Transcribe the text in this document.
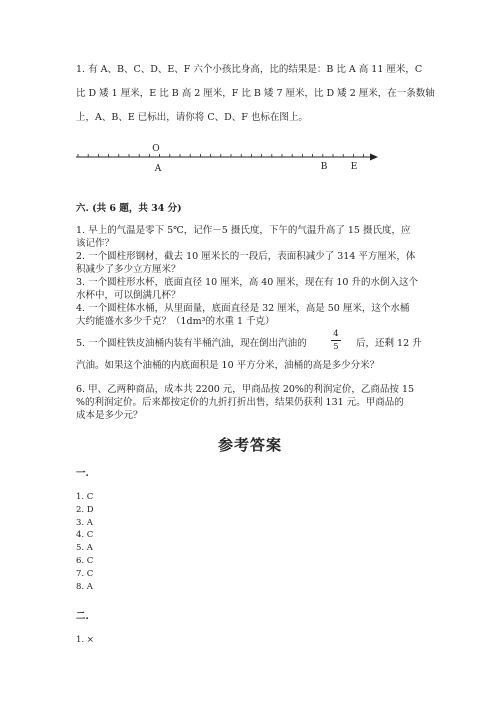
1. 有 A、B、C、D、E、F 六个小孩比身高，比的结果是：B 比 A 高 11 厘米，C
比 D 矮 1 厘米，E 比 B 高 2 厘米，F 比 B 矮 7 厘米，比 D 矮 2 厘米，在一条数轴
上，A、B、E 已标出，请你将 C、D、F 也标在图上。
O
A	B	E
六. (共 6 题，共 34 分)
1. 早上的气温是零下 5℃，记作－5 摄氏度，下午的气温升高了 15 摄氏度，应
该记作？
2. 一个圆柱形钢材，截去 10 厘米长的一段后，表面积减少了 314 平方厘米，体
积减少了多少立方厘米？
3. 一个圆柱形水杯，底面直径 10 厘米，高 40 厘米，现在有 10 升的水倒入这个
水杯中，可以倒满几杯？
4. 一个圆柱体水桶，从里面量，底面直径是 32 厘米，高是 50 厘米，这个水桶
大约能盛水多少千克？（1dm³的水重 1 千克）
5. 一个圆柱铁皮油桶内装有半桶汽油，现在倒出汽油的
4
5	后，还剩 12 升
汽油。如果这个油桶的内底面积是 10 平方分米，油桶的高是多少分米？
6. 甲、乙两种商品，成本共 2200 元，甲商品按 20%的利润定价，乙商品按 15
%的利润定价。后来都按定价的九折打折出售，结果仍获利 131 元。甲商品的
成本是多少元？
参考答案
一.
1. C
2. D
3. A
4. C
5. A
6. C
7. C
8. A
二.
1. ×
